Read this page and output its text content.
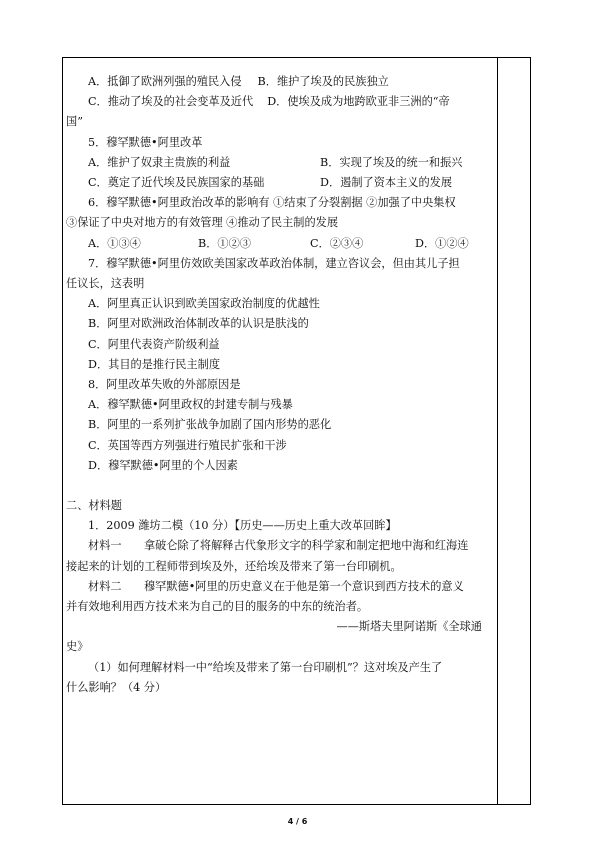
A．抵御了欧洲列强的殖民入侵 B．维护了埃及的民族独立

C．推动了埃及的社会变革及近代 D．使埃及成为地跨欧亚非三洲的“帝

国”

5．穆罕默德•阿里改革

A．维护了奴隶主贵族的利益	B．实现了埃及的统一和振兴

C．奠定了近代埃及民族国家的基础	D．遏制了资本主义的发展

6．穆罕默德•阿里政治改革的影响有 ①结束了分裂割据 ②加强了中央集权

③保证了中央对地方的有效管理 ④推动了民主制的发展

A．①③④	B．①②③	C．②③④	D．①②④

7．穆罕默德•阿里仿效欧美国家改革政治体制，建立咨议会，但由其儿子担

任议长，这表明

A．阿里真正认识到欧美国家政治制度的优越性

B．阿里对欧洲政治体制改革的认识是肤浅的

C．阿里代表资产阶级利益

D．其目的是推行民主制度

8．阿里改革失败的外部原因是

A．穆罕默德•阿里政权的封建专制与残暴

B．阿里的一系列扩张战争加剧了国内形势的恶化

C．英国等西方列强进行殖民扩张和干涉

D．穆罕默德•阿里的个人因素

二、材料题

1．2009 潍坊二模（10 分）【历史——历史上重大改革回眸】

材料一　　拿破仑除了将解释古代象形文字的科学家和制定把地中海和红海连

接起来的计划的工程师带到埃及外，还给埃及带来了第一台印刷机。

材料二　　穆罕默德•阿里的历史意义在于他是第一个意识到西方技术的意义

并有效地利用西方技术来为自己的目的服务的中东的统治者。

——斯塔夫里阿诺斯《全球通

史》

（1）如何理解材料一中“给埃及带来了第一台印刷机”？这对埃及产生了

什么影响？（4 分）

4 / 6
